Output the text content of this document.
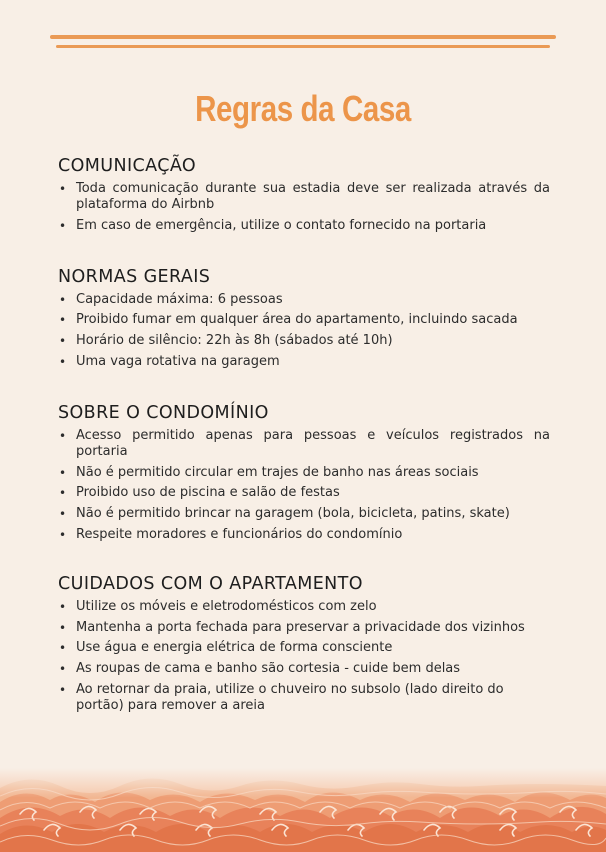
Regras da Casa
COMUNICAÇÃO
• Toda comunicação durante sua estadia deve ser realizada através da plataforma do Airbnb
• Em caso de emergência, utilize o contato fornecido na portaria
NORMAS GERAIS
• Capacidade máxima: 6 pessoas
• Proibido fumar em qualquer área do apartamento, incluindo sacada
• Horário de silêncio: 22h às 8h (sábados até 10h)
• Uma vaga rotativa na garagem
SOBRE O CONDOMÍNIO
• Acesso permitido apenas para pessoas e veículos registrados na portaria
• Não é permitido circular em trajes de banho nas áreas sociais
• Proibido uso de piscina e salão de festas
• Não é permitido brincar na garagem (bola, bicicleta, patins, skate)
• Respeite moradores e funcionários do condomínio
CUIDADOS COM O APARTAMENTO
• Utilize os móveis e eletrodomésticos com zelo
• Mantenha a porta fechada para preservar a privacidade dos vizinhos
• Use água e energia elétrica de forma consciente
• As roupas de cama e banho são cortesia - cuide bem delas
• Ao retornar da praia, utilize o chuveiro no subsolo (lado direito do portão) para remover a areia
